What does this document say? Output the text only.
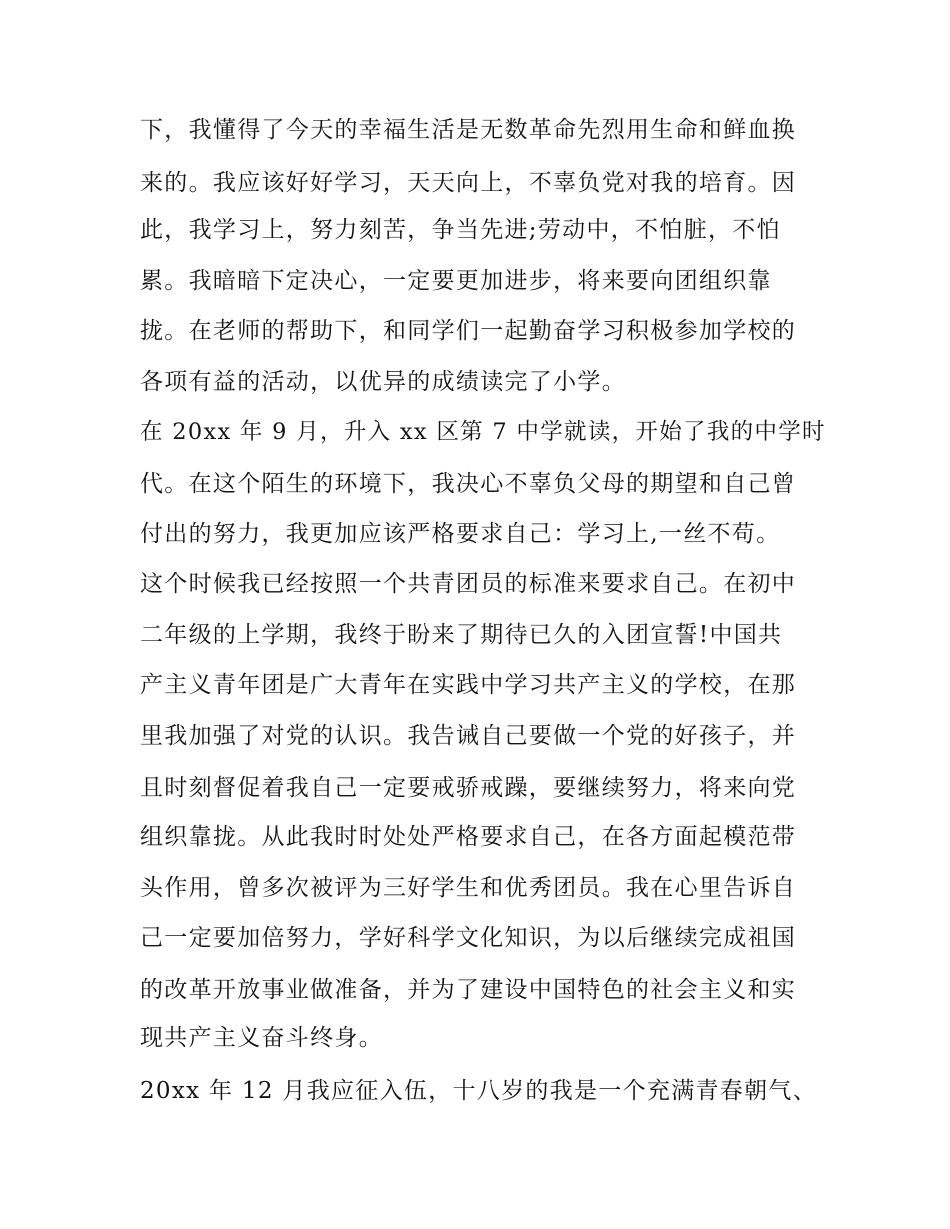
下，我懂得了今天的幸福生活是无数革命先烈用生命和鲜血换
来的。我应该好好学习，天天向上，不辜负党对我的培育。因
此，我学习上，努力刻苦，争当先进;劳动中，不怕脏，不怕
累。我暗暗下定决心，一定要更加进步，将来要向团组织靠
拢。在老师的帮助下，和同学们一起勤奋学习积极参加学校的
各项有益的活动，以优异的成绩读完了小学。
在 20xx 年 9 月，升入 xx 区第 7 中学就读，开始了我的中学时
代。在这个陌生的环境下，我决心不辜负父母的期望和自己曾
付出的努力，我更加应该严格要求自己：学习上,一丝不苟。
这个时候我已经按照一个共青团员的标准来要求自己。在初中
二年级的上学期，我终于盼来了期待已久的入团宣誓!中国共
产主义青年团是广大青年在实践中学习共产主义的学校，在那
里我加强了对党的认识。我告诫自己要做一个党的好孩子，并
且时刻督促着我自己一定要戒骄戒躁，要继续努力，将来向党
组织靠拢。从此我时时处处严格要求自己，在各方面起模范带
头作用，曾多次被评为三好学生和优秀团员。我在心里告诉自
己一定要加倍努力，学好科学文化知识，为以后继续完成祖国
的改革开放事业做准备，并为了建设中国特色的社会主义和实
现共产主义奋斗终身。
20xx 年 12 月我应征入伍，十八岁的我是一个充满青春朝气、
